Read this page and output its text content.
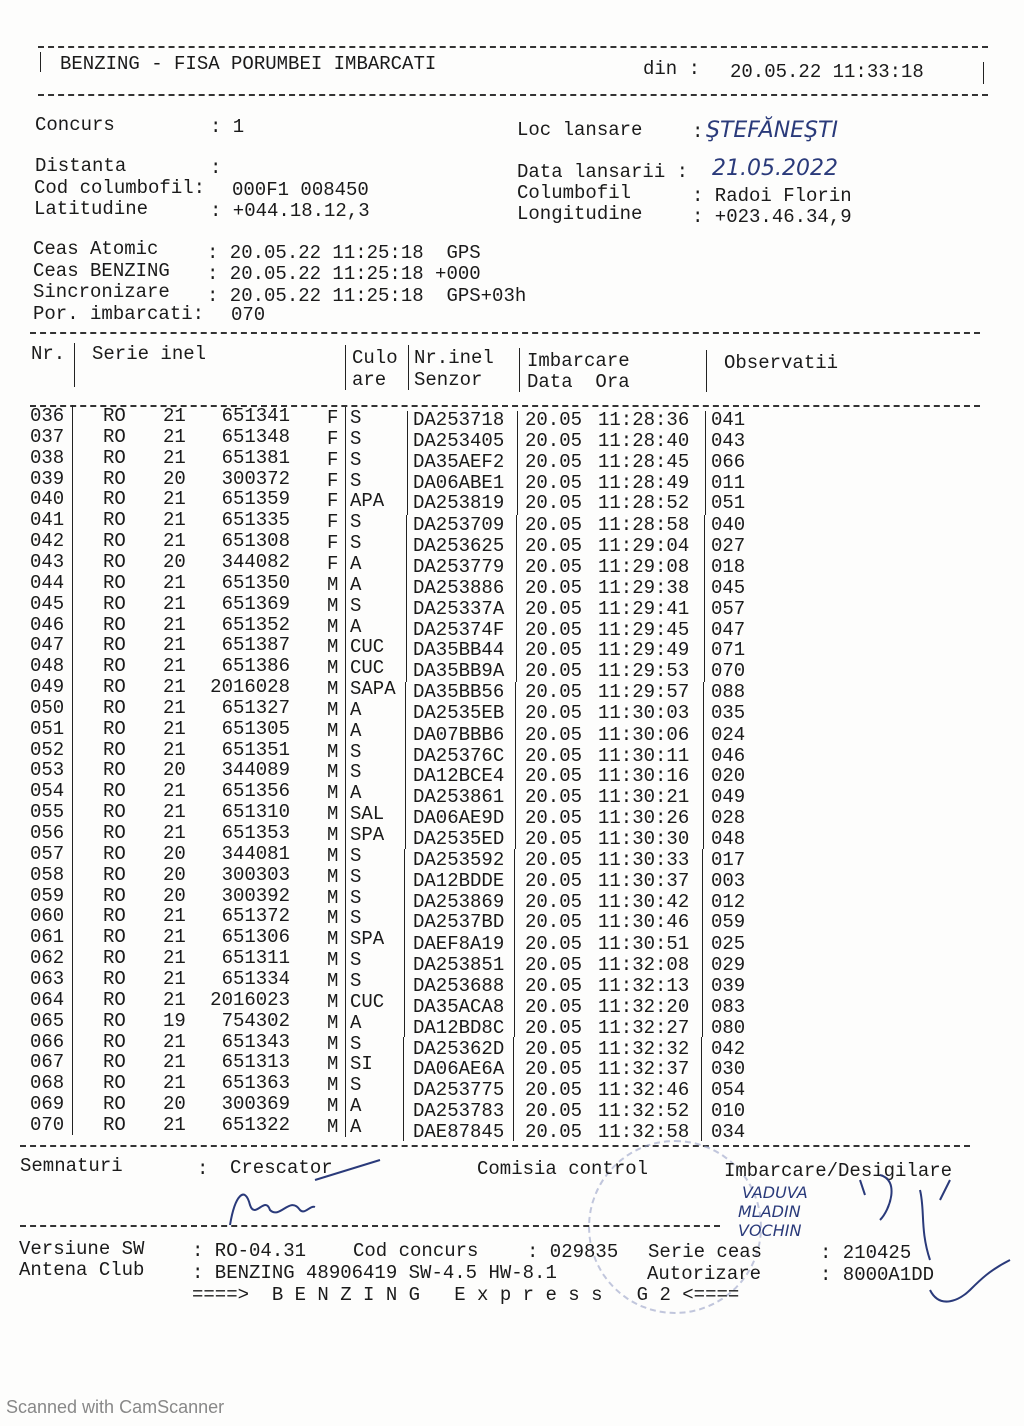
BENZING - FISA PORUMBEI IMBARCATI	din : 20.05.22 11:33:18
Concurs	: 1	Loc lansare	: ŞTEFĂNEŞTI
Distanta	:	Data lansarii : 21.05.2022
Cod columbofil: 000F1 008450	Columbofil	: Radoi Florin
Latitudine	: +044.18.12,3	Longitudine	: +023.46.34,9
Ceas Atomic	: 20.05.22 11:25:18  GPS
Ceas BENZING : 20.05.22 11:25:18 +000
Sincronizare : 20.05.22 11:25:18  GPS+03h
Por. imbarcati: 070
Nr. Serie inel	Culo
are
Nr.inel
Senzor
Imbarcare
Data  Ora
Observatii
036 RO 21 651341 F S	DA253718 20.05 11:28:36 041
037 RO 21 651348 F S	DA253405 20.05 11:28:40 043
038 RO 21 651381 F S	DA35AEF2 20.05 11:28:45 066
039 RO 20 300372 F S	DA06ABE1 20.05 11:28:49 011
040 RO 21 651359 F APA DA253819 20.05 11:28:52 051
041 RO 21 651335 F S	DA253709 20.05 11:28:58 040
042 RO 21 651308 F S	DA253625 20.05 11:29:04 027
043 RO 20 344082 F A	DA253779 20.05 11:29:08 018
044 RO 21 651350 M A	DA253886 20.05 11:29:38 045
045 RO 21 651369 M S	DA25337A 20.05 11:29:41 057
046 RO 21 651352 M A	DA25374F 20.05 11:29:45 047
047 RO 21 651387 M CUC DA35BB44 20.05 11:29:49 071
048 RO 21 651386 M CUC DA35BB9A 20.05 11:29:53 070
049 RO 21 2016028 M SAPA DA35BB56 20.05 11:29:57 088
050 RO 21 651327 M A	DA2535EB 20.05 11:30:03 035
051 RO 21 651305 M A	DA07BBB6 20.05 11:30:06 024
052 RO 21 651351 M S	DA25376C 20.05 11:30:11 046
053 RO 20 344089 M S	DA12BCE4 20.05 11:30:16 020
054 RO 21 651356 M A	DA253861 20.05 11:30:21 049
055 RO 21 651310 M SAL DA06AE9D 20.05 11:30:26 028
056 RO 21 651353 M SPA DA2535ED 20.05 11:30:30 048
057 RO 20 344081 M S	DA253592 20.05 11:30:33 017
058 RO 20 300303 M S	DA12BDDE 20.05 11:30:37 003
059 RO 20 300392 M S	DA253869 20.05 11:30:42 012
060 RO 21 651372 M S	DA2537BD 20.05 11:30:46 059
061 RO 21 651306 M SPA DAEF8A19 20.05 11:30:51 025
062 RO 21 651311 M S	DA253851 20.05 11:32:08 029
063 RO 21 651334 M S	DA253688 20.05 11:32:13 039
064 RO 21 2016023 M CUC DA35ACA8 20.05 11:32:20 083
065 RO 19 754302 M A	DA12BD8C 20.05 11:32:27 080
066 RO 21 651343 M S	DA25362D 20.05 11:32:32 042
067 RO 21 651313 M SI DA06AE6A 20.05 11:32:37 030
068 RO 21 651363 M S	DA253775 20.05 11:32:46 054
069 RO 20 300369 M A	DA253783 20.05 11:32:52 010
070 RO 21 651322 M A	DAE87845 20.05 11:32:58 034
Semnaturi	: Crescator	Comisia control	Imbarcare/Desigilare
VADUVA
MLADIN
VOCHIN
Versiune SW	: RO-04.31 Cod concurs	: 029835 Serie ceas	: 210425
Antena Club	: BENZING 48906419 SW-4.5 HW-8.1	Autorizare	: 8000A1DD
====>  B E N Z I N G   E x p r e s s   G 2 <====
Scanned with CamScanner
